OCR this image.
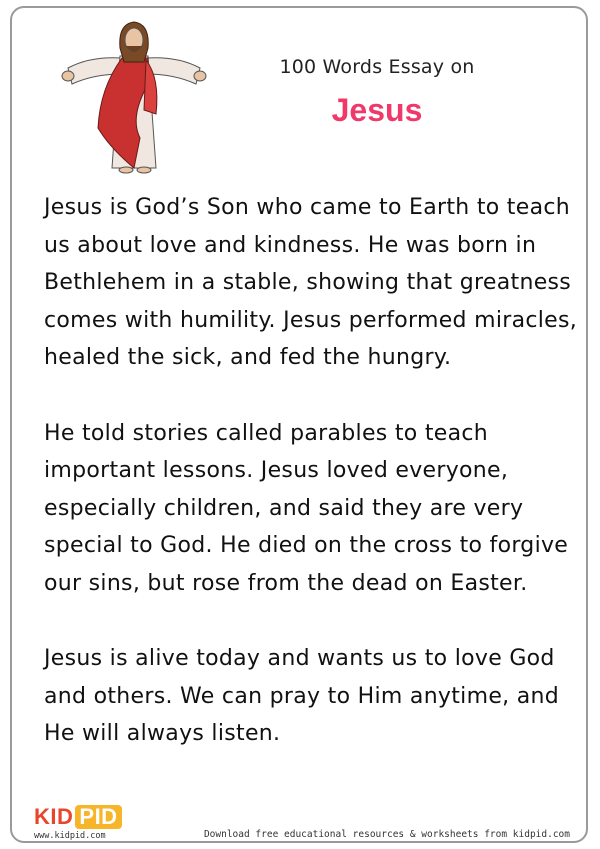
100 Words Essay on
Jesus

Jesus is God’s Son who came to Earth to teach us about love and kindness. He was born in Bethlehem in a stable, showing that greatness comes with humility. Jesus performed miracles, healed the sick, and fed the hungry.

He told stories called parables to teach important lessons. Jesus loved everyone, especially children, and said they are very special to God. He died on the cross to forgive our sins, but rose from the dead on Easter.

Jesus is alive today and wants us to love God and others. We can pray to Him anytime, and He will always listen.

KID PID
www.kidpid.com	Download free educational resources & worksheets from kidpid.com
